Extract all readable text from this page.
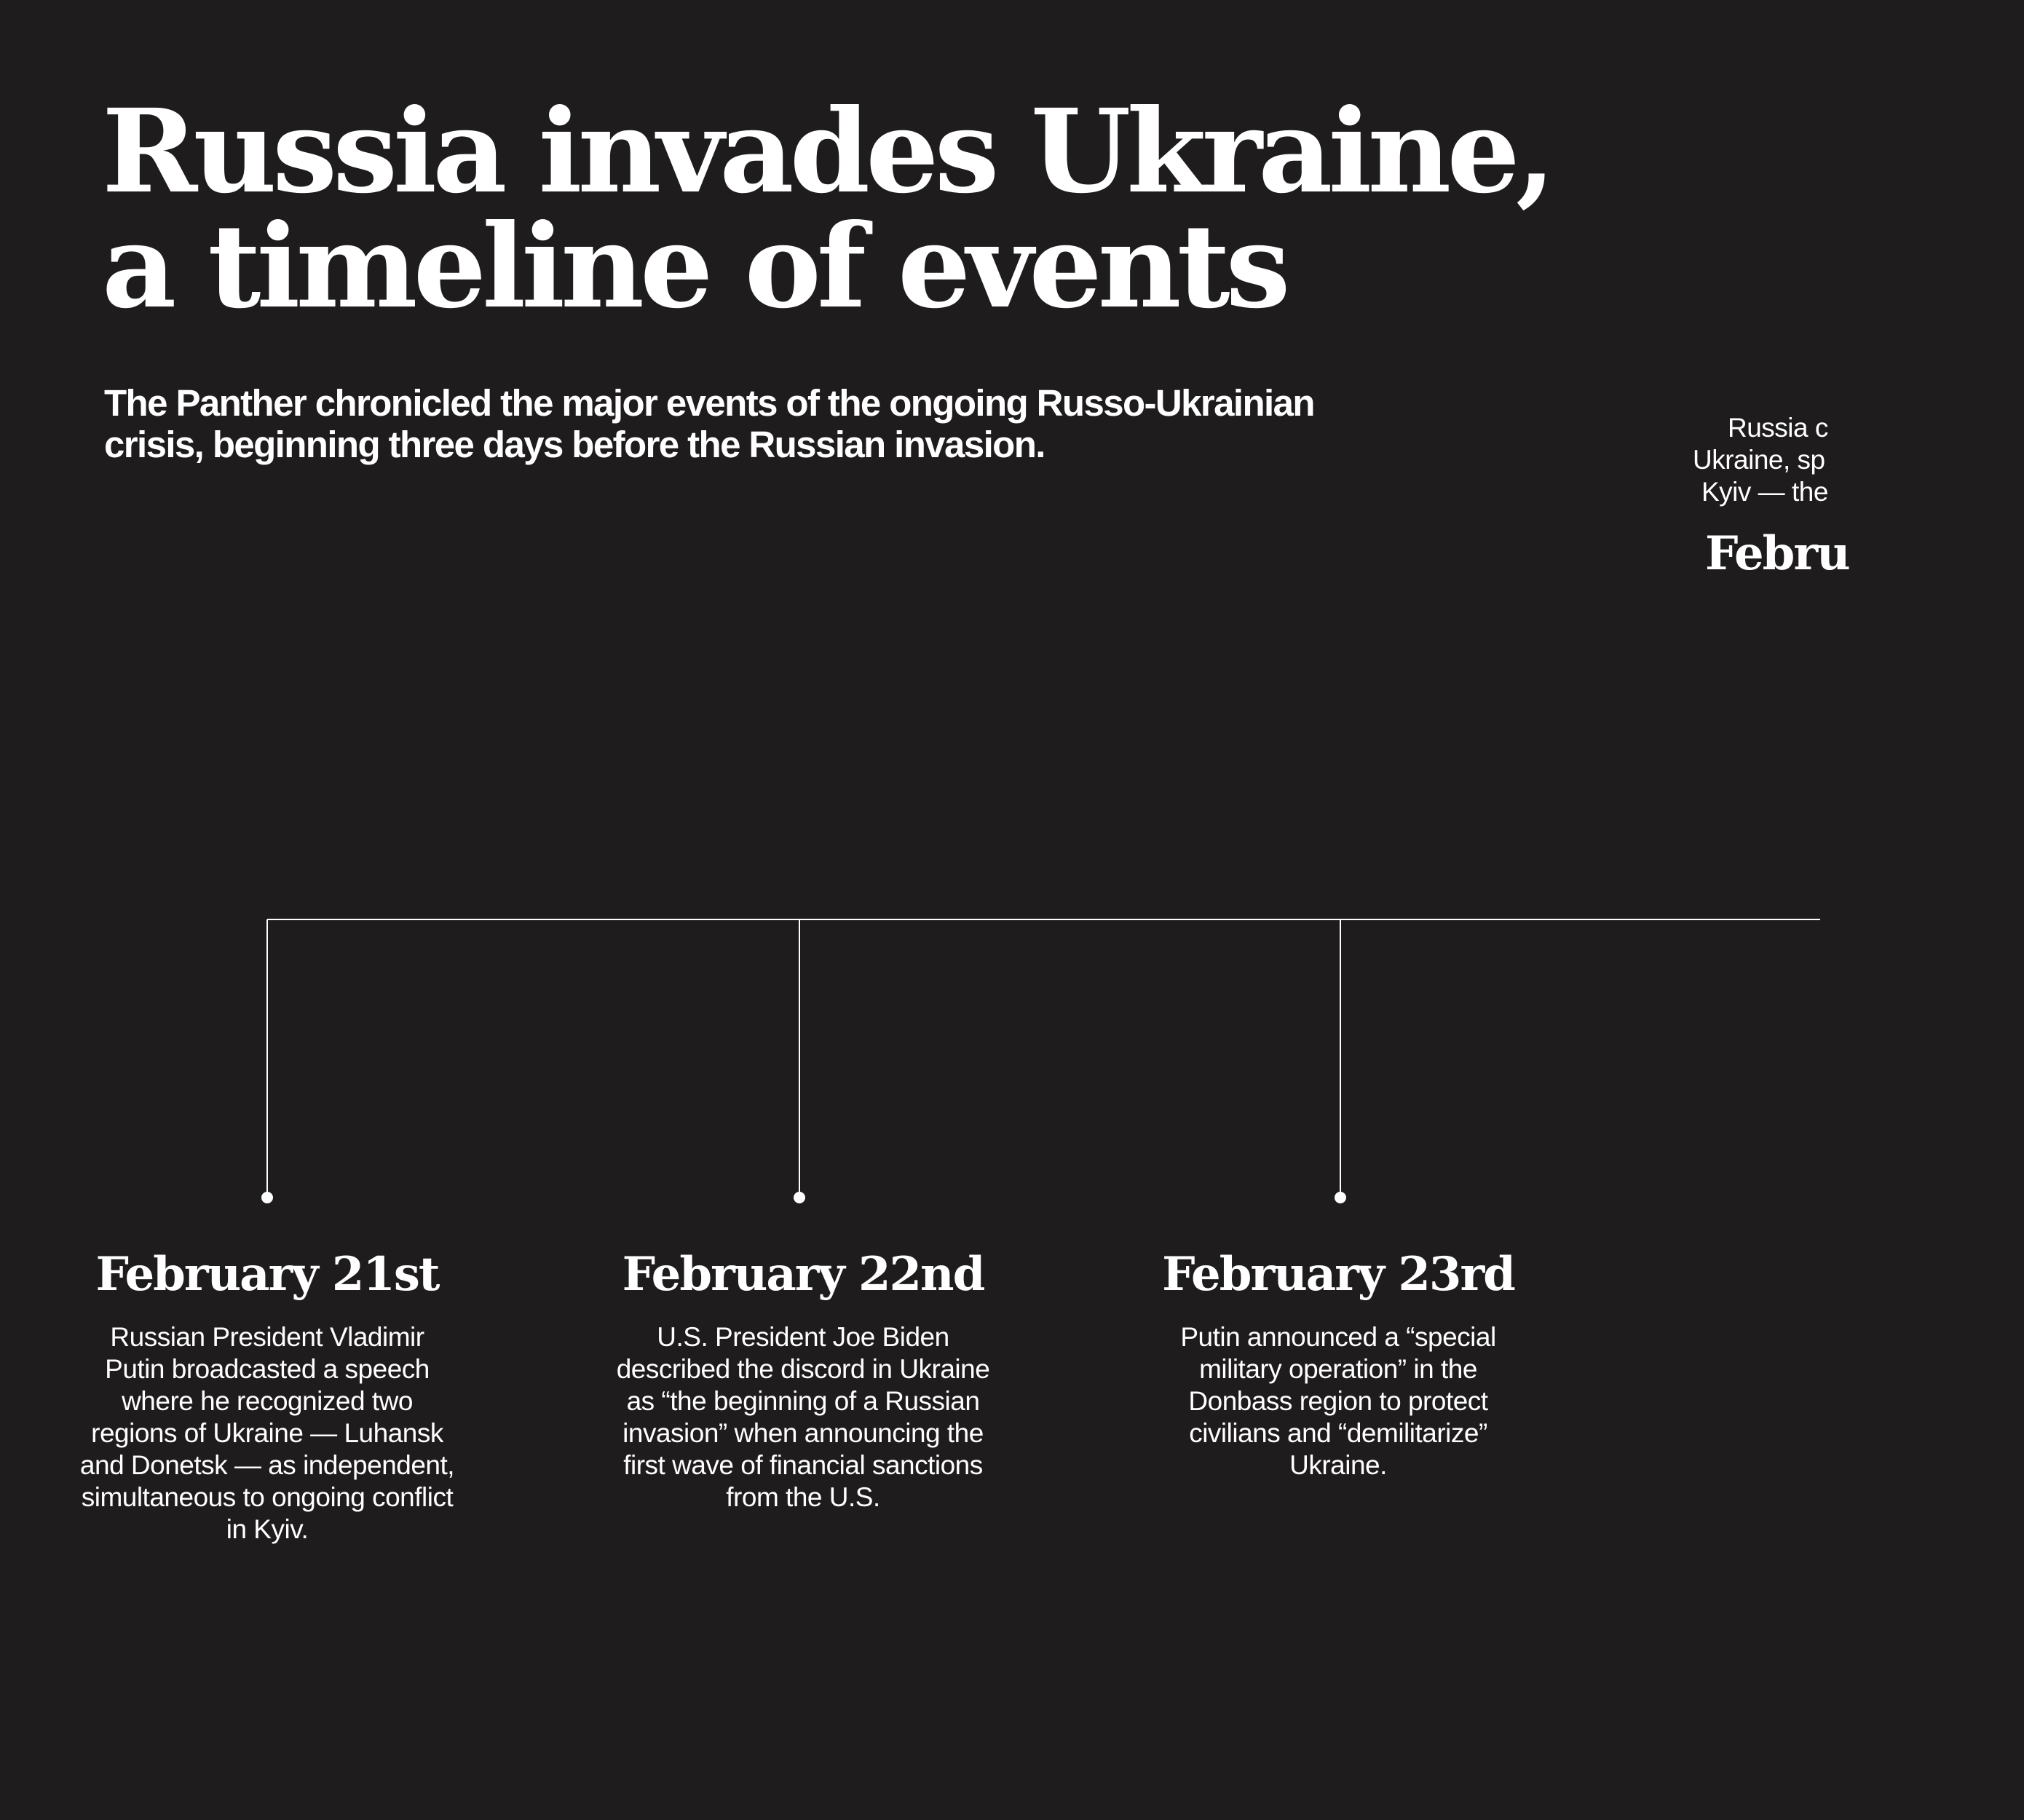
Russia invades Ukraine,
a timeline of events

The Panther chronicled the major events of the ongoing Russo-Ukrainian
crisis, beginning three days before the Russian invasion.

February 21st
Russian President Vladimir
Putin broadcasted a speech
where he recognized two
regions of Ukraine — Luhansk
and Donetsk — as independent,
simultaneous to ongoing conflict
in Kyiv.
February 22nd
U.S. President Joe Biden
described the discord in Ukraine
as “the beginning of a Russian
invasion” when announcing the
first wave of financial sanctions
from the U.S.
February 23rd
Putin announced a “special
military operation” in the
Donbass region to protect
civilians and “demilitarize”
Ukraine.
Russia c
Ukraine, sp
Kyiv — the
Febru
